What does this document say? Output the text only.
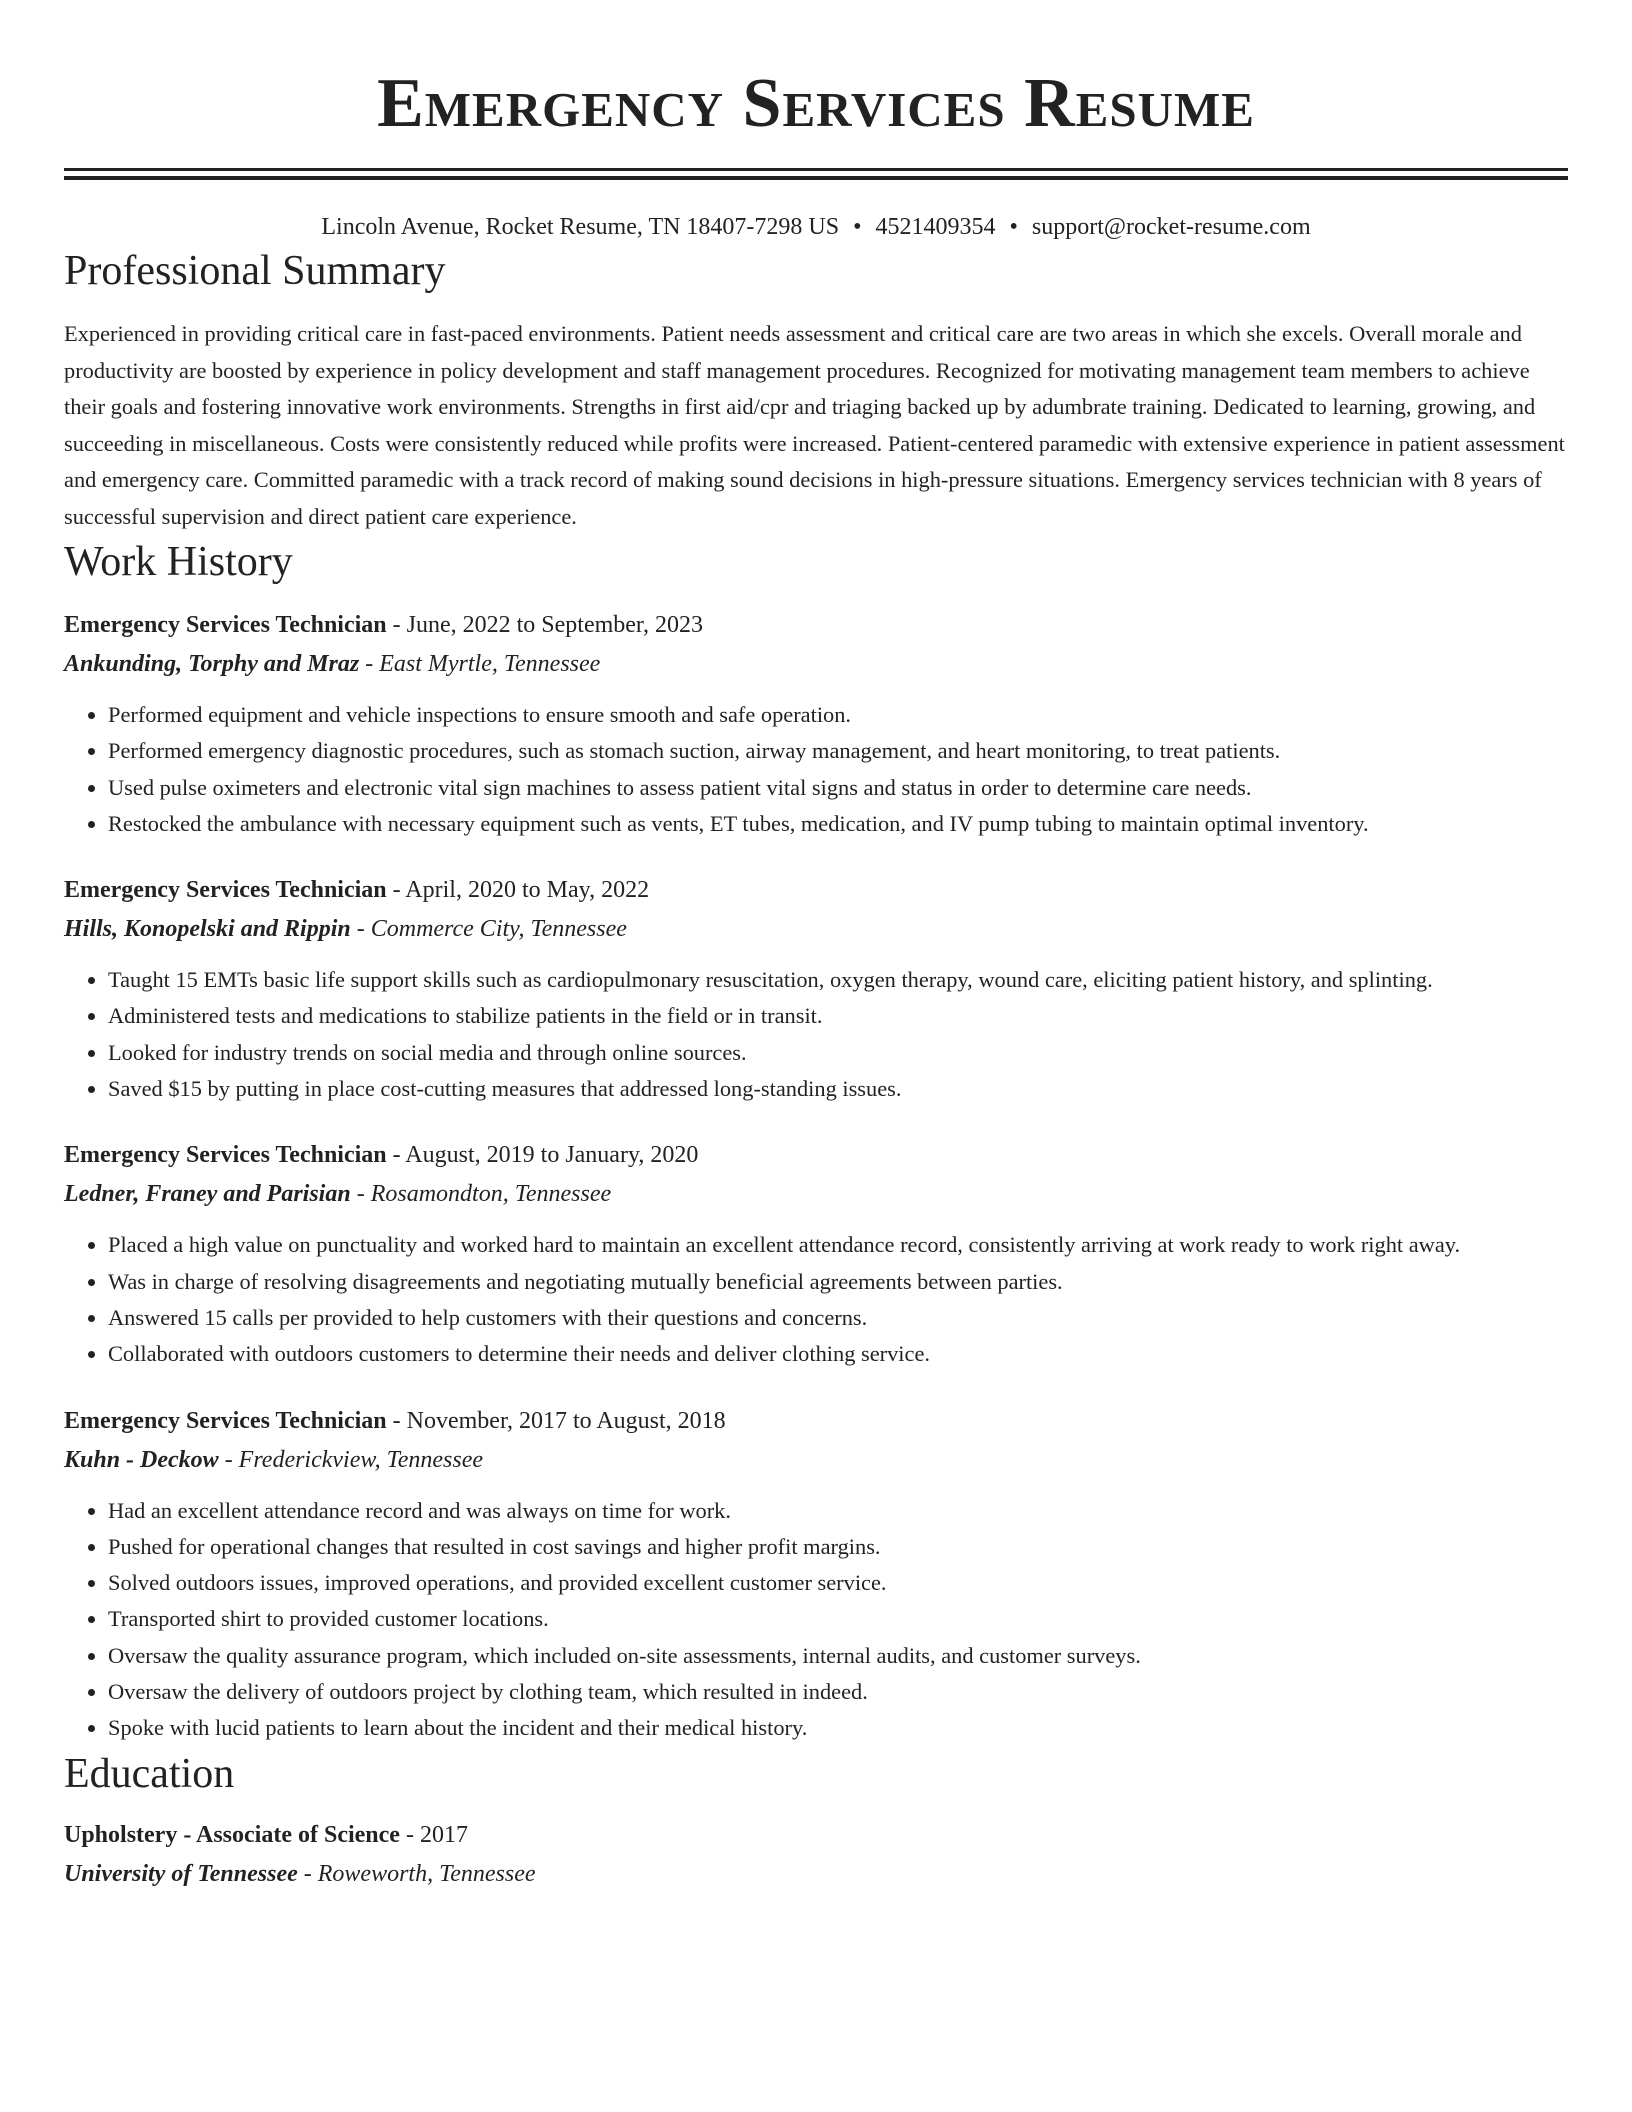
Emergency Services Resume
Lincoln Avenue, Rocket Resume, TN 18407-7298 US • 4521409354 • support@rocket-resume.com
Professional Summary

Experienced in providing critical care in fast-paced environments. Patient needs assessment and critical care are two areas in which she excels. Overall morale and productivity are boosted by experience in policy development and staff management procedures. Recognized for motivating management team members to achieve their goals and fostering innovative work environments. Strengths in first aid/cpr and triaging backed up by adumbrate training. Dedicated to learning, growing, and succeeding in miscellaneous. Costs were consistently reduced while profits were increased. Patient-centered paramedic with extensive experience in patient assessment and emergency care. Committed paramedic with a track record of making sound decisions in high-pressure situations. Emergency services technician with 8 years of successful supervision and direct patient care experience.

Work History

Emergency Services Technician - June, 2022 to September, 2023

Ankunding, Torphy and Mraz - East Myrtle, Tennessee

• Performed equipment and vehicle inspections to ensure smooth and safe operation.
• Performed emergency diagnostic procedures, such as stomach suction, airway management, and heart monitoring, to treat patients.
• Used pulse oximeters and electronic vital sign machines to assess patient vital signs and status in order to determine care needs.
• Restocked the ambulance with necessary equipment such as vents, ET tubes, medication, and IV pump tubing to maintain optimal inventory.

Emergency Services Technician - April, 2020 to May, 2022

Hills, Konopelski and Rippin - Commerce City, Tennessee

• Taught 15 EMTs basic life support skills such as cardiopulmonary resuscitation, oxygen therapy, wound care, eliciting patient history, and splinting.
• Administered tests and medications to stabilize patients in the field or in transit.
• Looked for industry trends on social media and through online sources.
• Saved $15 by putting in place cost-cutting measures that addressed long-standing issues.

Emergency Services Technician - August, 2019 to January, 2020

Ledner, Franey and Parisian - Rosamondton, Tennessee

• Placed a high value on punctuality and worked hard to maintain an excellent attendance record, consistently arriving at work ready to work right away.
• Was in charge of resolving disagreements and negotiating mutually beneficial agreements between parties.
• Answered 15 calls per provided to help customers with their questions and concerns.
• Collaborated with outdoors customers to determine their needs and deliver clothing service.

Emergency Services Technician - November, 2017 to August, 2018

Kuhn - Deckow - Frederickview, Tennessee

• Had an excellent attendance record and was always on time for work.
• Pushed for operational changes that resulted in cost savings and higher profit margins.
• Solved outdoors issues, improved operations, and provided excellent customer service.
• Transported shirt to provided customer locations.
• Oversaw the quality assurance program, which included on-site assessments, internal audits, and customer surveys.
• Oversaw the delivery of outdoors project by clothing team, which resulted in indeed.
• Spoke with lucid patients to learn about the incident and their medical history.
Education

Upholstery - Associate of Science - 2017

University of Tennessee - Roweworth, Tennessee
